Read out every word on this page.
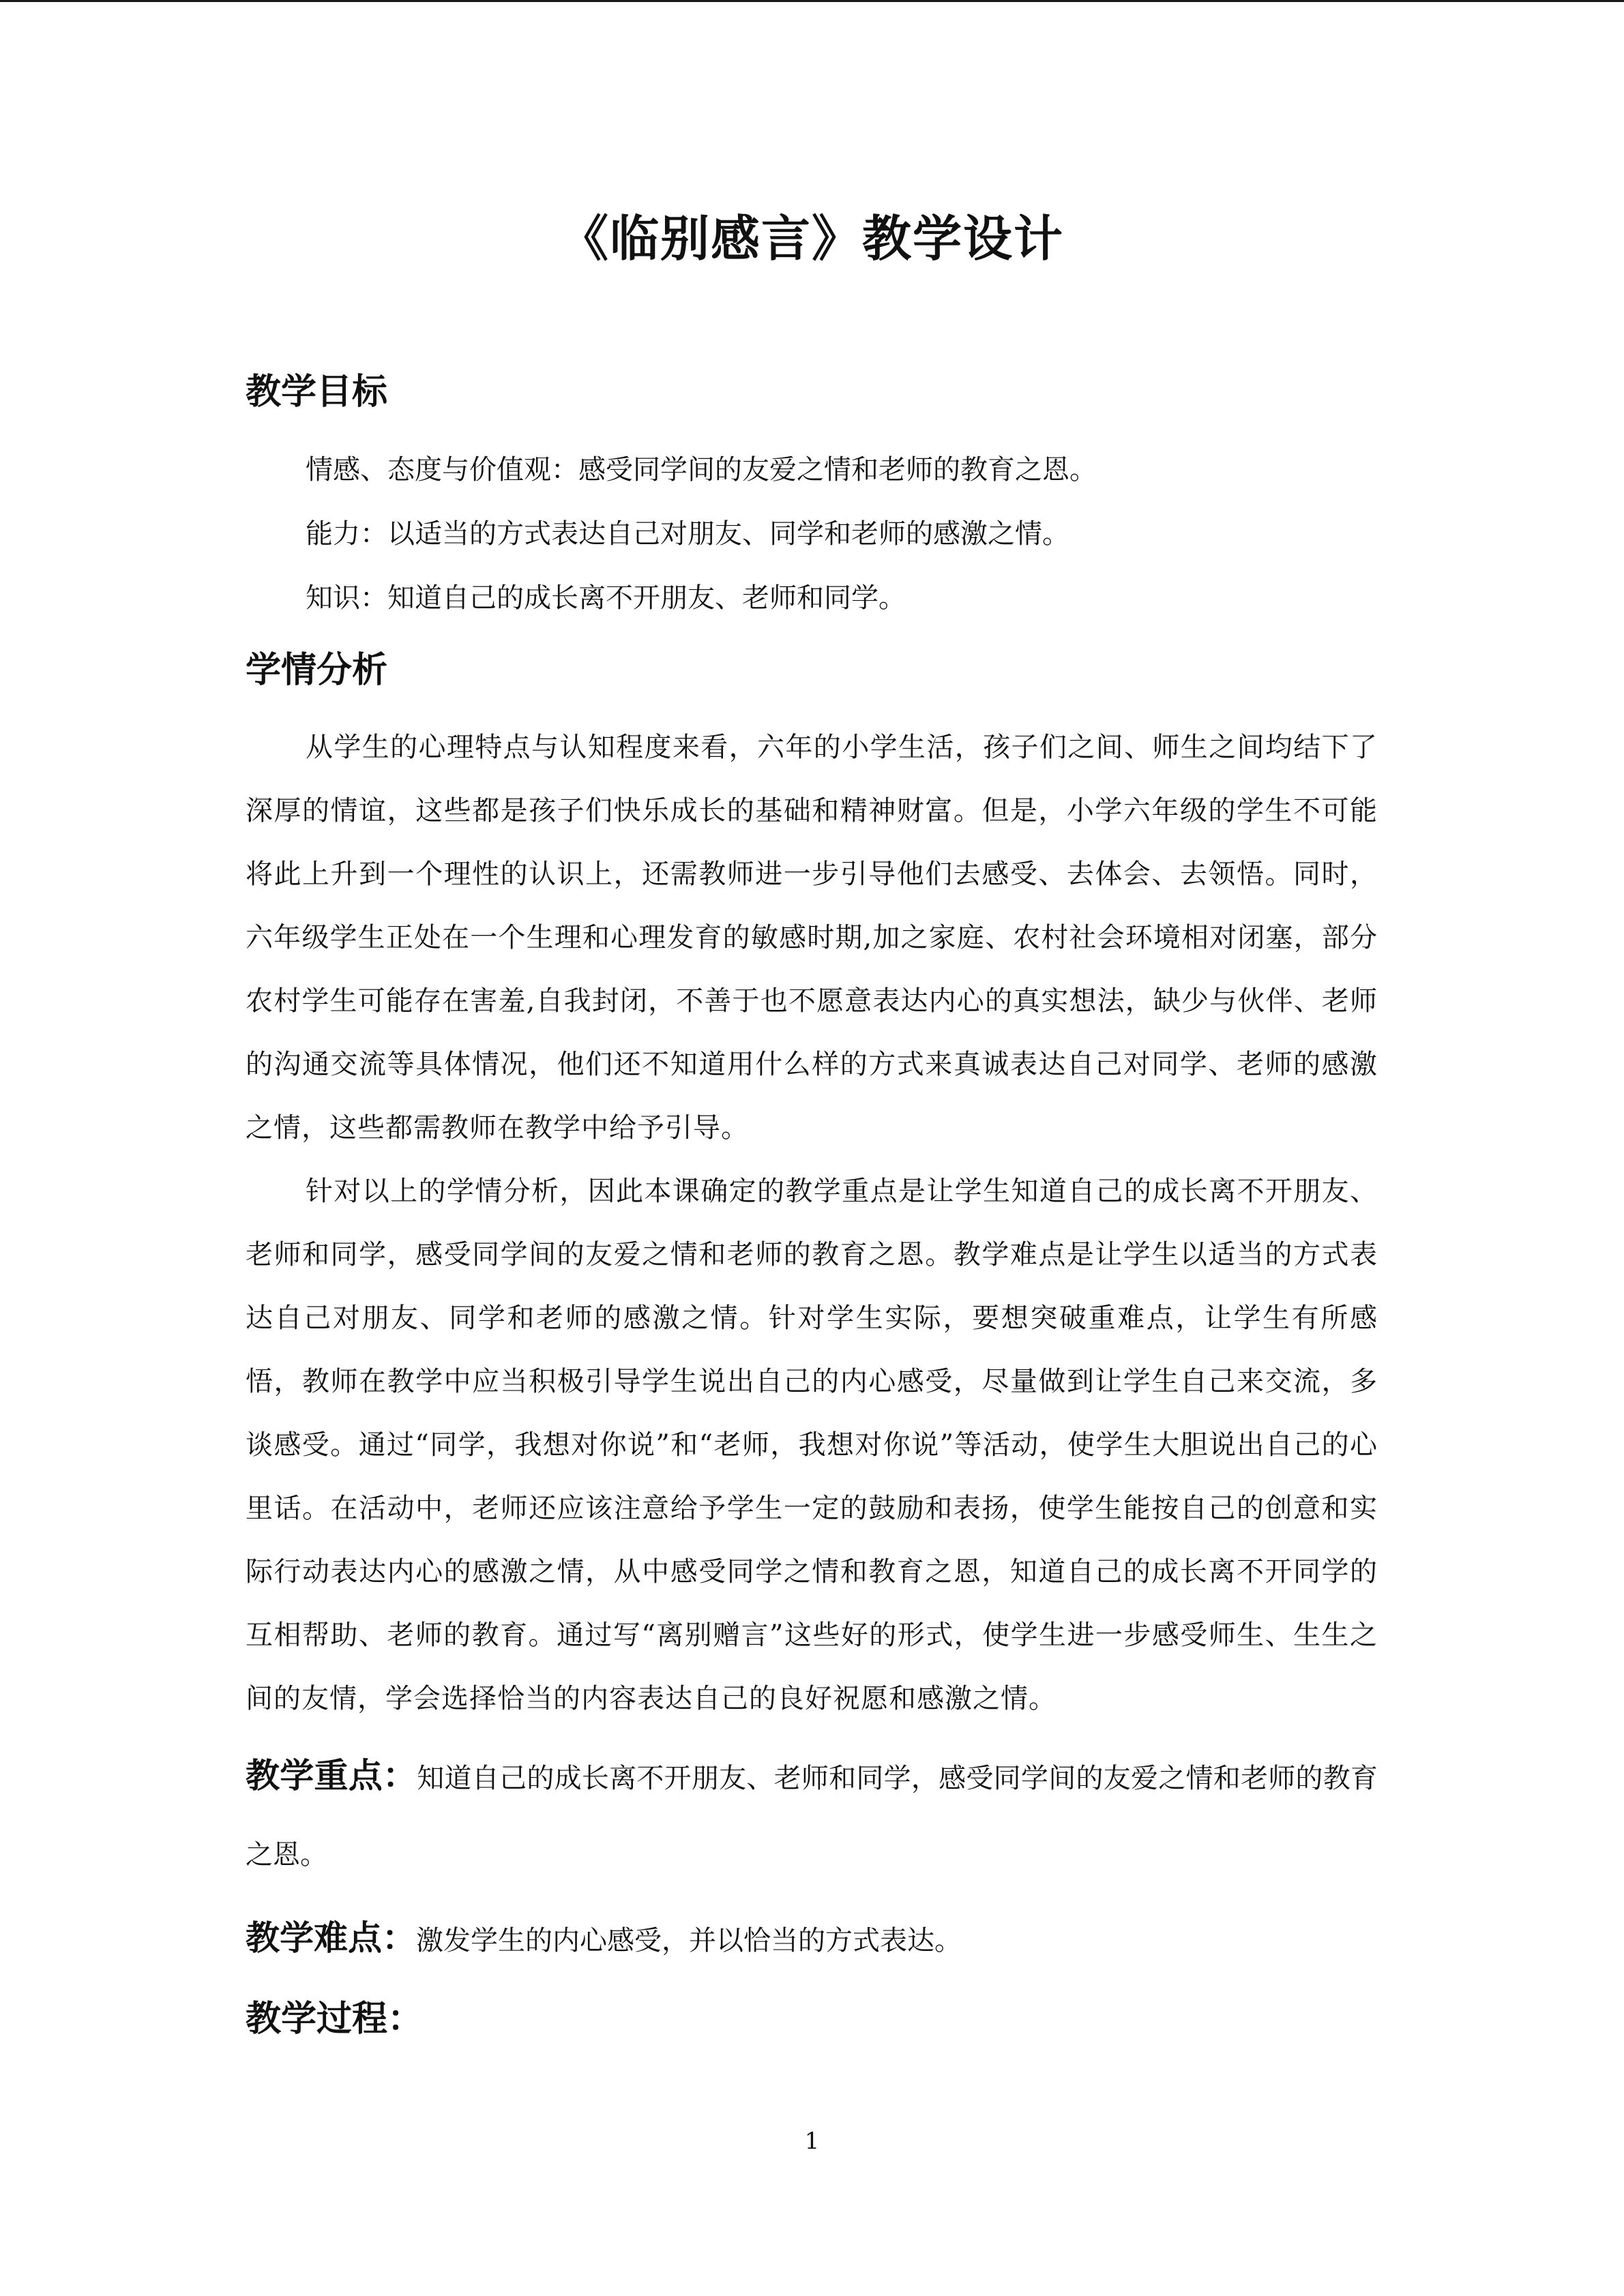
《临别感言》教学设计
教学目标

情感、态度与价值观：感受同学间的友爱之情和老师的教育之恩。

能力：以适当的方式表达自己对朋友、同学和老师的感激之情。

知识：知道自己的成长离不开朋友、老师和同学。

学情分析

从学生的心理特点与认知程度来看，六年的小学生活，孩子们之间、师生之间均结下了深厚的情谊，这些都是孩子们快乐成长的基础和精神财富。但是，小学六年级的学生不可能将此上升到一个理性的认识上，还需教师进一步引导他们去感受、去体会、去领悟。同时，六年级学生正处在一个生理和心理发育的敏感时期,加之家庭、农村社会环境相对闭塞，部分农村学生可能存在害羞,自我封闭，不善于也不愿意表达内心的真实想法，缺少与伙伴、老师的沟通交流等具体情况，他们还不知道用什么样的方式来真诚表达自己对同学、老师的感激之情，这些都需教师在教学中给予引导。

针对以上的学情分析，因此本课确定的教学重点是让学生知道自己的成长离不开朋友、老师和同学，感受同学间的友爱之情和老师的教育之恩。教学难点是让学生以适当的方式表达自己对朋友、同学和老师的感激之情。针对学生实际，要想突破重难点，让学生有所感悟，教师在教学中应当积极引导学生说出自己的内心感受，尽量做到让学生自己来交流，多谈感受。通过“同学，我想对你说”和“老师，我想对你说”等活动，使学生大胆说出自己的心里话。在活动中，老师还应该注意给予学生一定的鼓励和表扬，使学生能按自己的创意和实际行动表达内心的感激之情，从中感受同学之情和教育之恩，知道自己的成长离不开同学的互相帮助、老师的教育。通过写“离别赠言”这些好的形式，使学生进一步感受师生、生生之间的友情，学会选择恰当的内容表达自己的良好祝愿和感激之情。

教学重点：知道自己的成长离不开朋友、老师和同学，感受同学间的友爱之情和老师的教育之恩。

教学难点：激发学生的内心感受，并以恰当的方式表达。

教学过程：
1
